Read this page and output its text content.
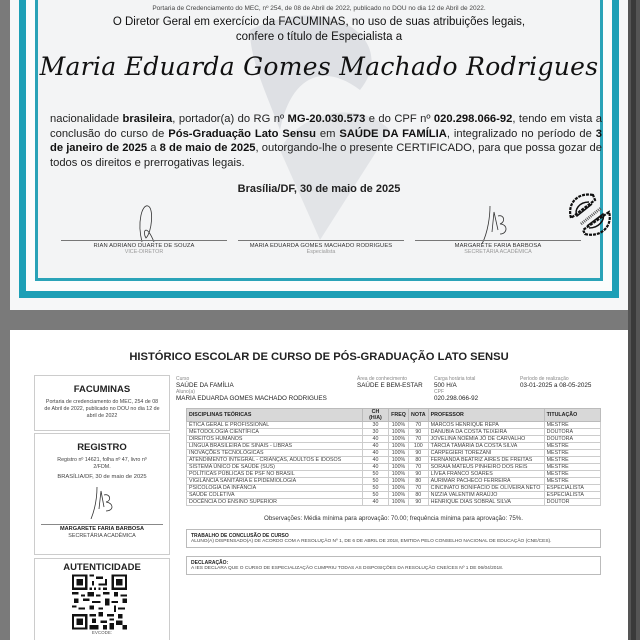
Portaria de Credenciamento do MEC, nº 254, de 08 de Abril de 2022, publicado no DOU no dia 12 de Abril de 2022.
O Diretor Geral em exercício da FACUMINAS, no uso de suas atribuições legais,
confere o título de Especialista a
Maria Eduarda Gomes Machado Rodrigues
nacionalidade brasileira, portador(a) do RG nº MG-20.030.573 e do CPF nº 020.298.066-92, tendo em vista a conclusão do curso de Pós-Graduação Lato Sensu em SAÚDE DA FAMÍLIA, integralizado no período de 3 de janeiro de 2025 a 8 de maio de 2025, outorgando-lhe o presente CERTIFICADO, para que possa gozar de todos os direitos e prerrogativas legais.
Brasília/DF, 30 de maio de 2025
RIAN ADRIANO DUARTE DE SOUZA
VICE-DIRETOR
MARIA EDUARDA GOMES MACHADO RODRIGUES
Especialista
MARGARETE FARIA BARBOSA
SECRETÁRIA ACADÊMICA
HISTÓRICO ESCOLAR DE CURSO DE PÓS-GRADUAÇÃO LATO SENSU
FACUMINAS

Portaria de credenciamento do MEC, 254 de 08 de Abril de 2022, publicado no DOU no dia 12 de abril de 2022

REGISTRO

Registro nº 14621, folha nº 47, livro nº 2/FDM.

BRASÍLIA/DF, 30 de maio de 2025

MARGARETE FARIA BARBOSA

SECRETÁRIA ACADÊMICA

AUTENTICIDADE
EVCODE:
Curso
SAÚDE DA FAMÍLIA
Aluno(a)
MARIA EDUARDA GOMES MACHADO RODRIGUES
Área de conhecimento
SAÚDE E BEM-ESTAR
Carga horária total
500 H/A
CPF
020.298.066-92
Período de realização
03-01-2025 a 08-05-2025
DISCIPLINAS TEÓRICAS	CH (H/A)	FREQ	NOTA	PROFESSOR	TITULAÇÃO
ÉTICA GERAL E PROFISSIONAL	30	100%	70	MARCOS HENRIQUE REPA	MESTRE
METODOLOGIA CIENTÍFICA	30	100%	90	DANUBIA DA COSTA TEIXEIRA	DOUTORA
DIREITOS HUMANOS	40	100%	70	JOVELINA NOÊMIA JÔ DE CARVALHO	DOUTORA
LÍNGUA BRASILEIRA DE SINAIS - LIBRAS	40	100%	100	TÁRCIA TAMÁRIA DA COSTA SILVA	MESTRE
INOVAÇÕES TECNOLÓGICAS	40	100%	90	CARPEGIERI TOREZANI	MESTRE
ATENDIMENTO INTEGRAL - CRIANÇAS, ADULTOS E IDOSOS	40	100%	80	FERNANDA BEATRIZ AIRES DE FREITAS	MESTRE
SISTEMA ÚNICO DE SAÚDE (SUS)	40	100%	70	SORAIA MATEUS PINHEIRO DOS REIS	MESTRE
POLÍTICAS PÚBLICAS DE PSF NO BRASIL	50	100%	90	LÍVEA FRANCO SOARES	MESTRE
VIGILÂNCIA SANITÁRIA E EPIDEMIOLOGIA	50	100%	80	AURIMAR PACHECO FERREIRA	MESTRE
PSICOLOGIA DA INFÂNCIA	50	100%	70	CINCINATO BONIFÁCIO DE OLIVEIRA NETO	ESPECIALISTA
SAÚDE COLETIVA	50	100%	80	NIZZIA VALENTIM ARAÚJO	ESPECIALISTA
DOCÊNCIA DO ENSINO SUPERIOR	40	100%	90	HENRIQUE DIAS SOBRAL SILVA	DOUTOR
Observações: Média mínima para aprovação: 70.00; frequência mínima para aprovação: 75%.
TRABALHO DE CONCLUSÃO DE CURSO
ALUNO(A) DISPENSADO(A) DE ACORDO COM A RESOLUÇÃO Nº 1, DE 6 DE ABRIL DE 2018, EMITIDA PELO CONSELHO NACIONAL DE EDUCAÇÃO (CNE/CES).
DECLARAÇÃO:
A IES DECLARA QUE O CURSO DE ESPECIALIZAÇÃO CUMPRIU TODAS AS DISPOSIÇÕES DA RESOLUÇÃO CNE/CES Nº 1 DE 06/04/2018.
